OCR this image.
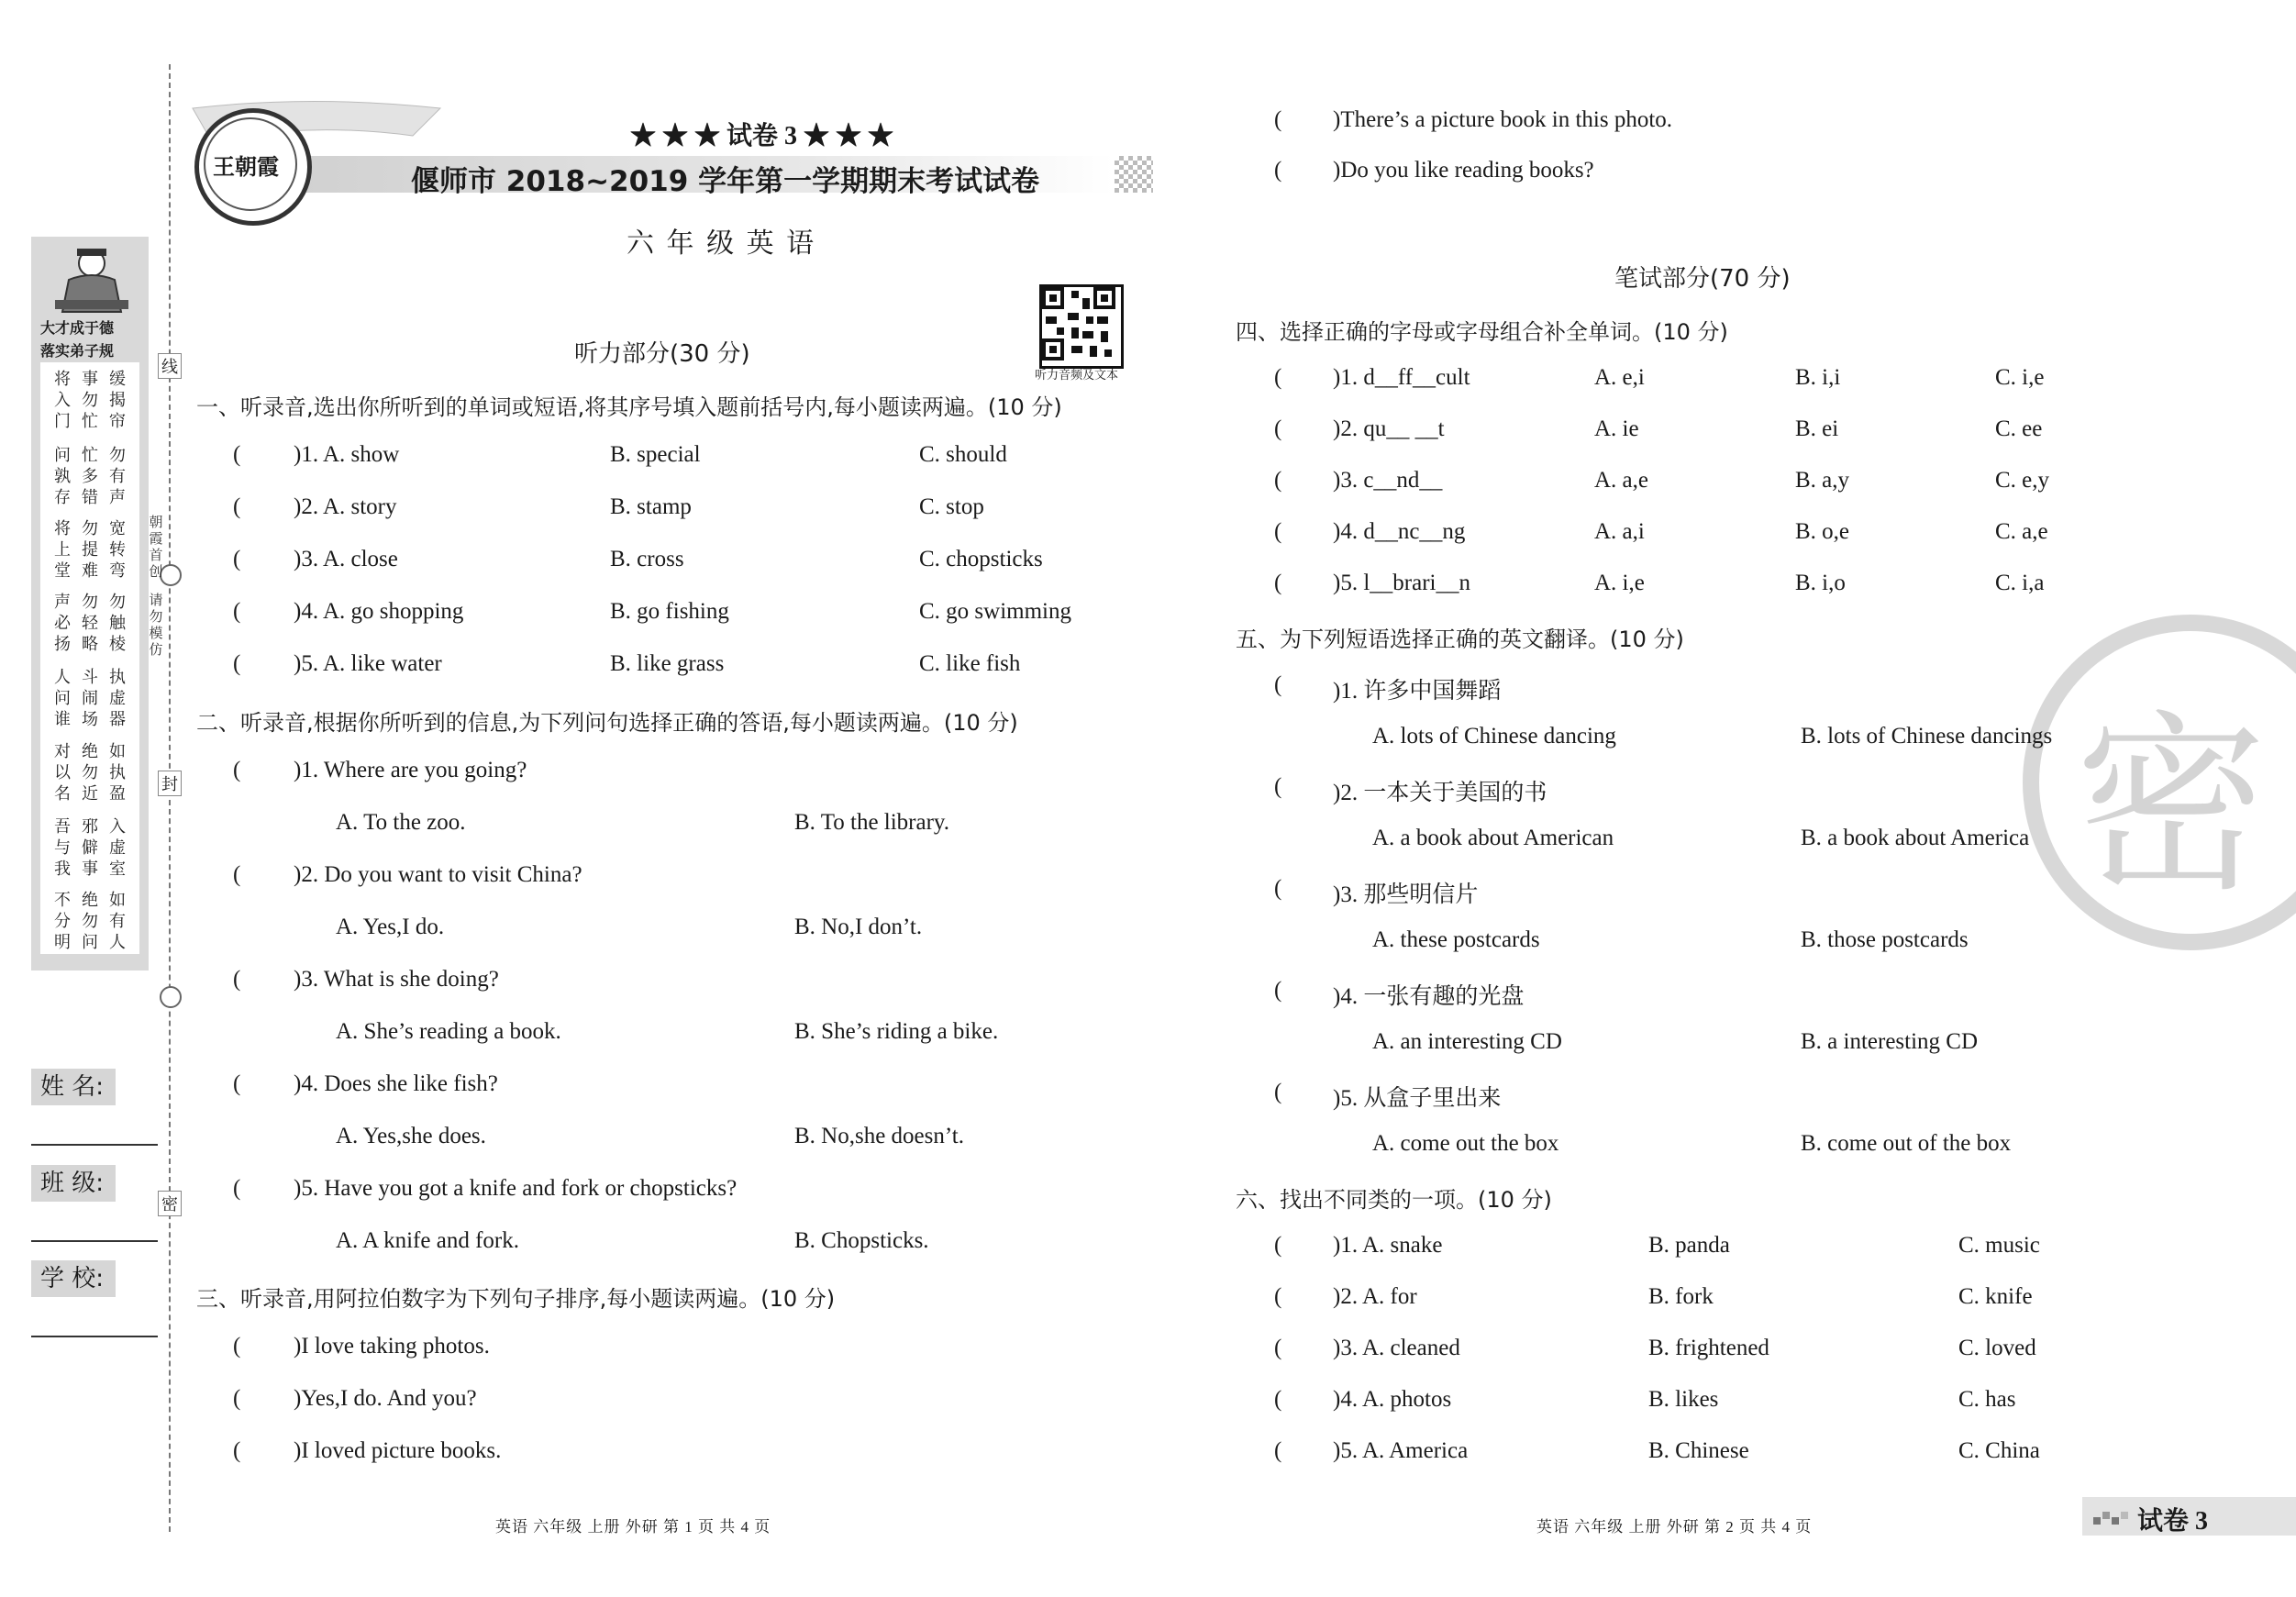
线
封
密
朝
霞
首
创
请
勿
模
仿
大才成于德
落实弟子规
将
入
门
事
勿
忙
缓
揭
帘
问
孰
存
忙
多
错
勿
有
声
将
上
堂
勿
提
难
宽
转
弯
声
必
扬
勿
轻
略
勿
触
棱
人
问
谁
斗
闹
场
执
虚
器
对
以
名
绝
勿
近
如
执
盈
吾
与
我
邪
僻
事
入
虚
室
不
分
明
绝
勿
问
如
有
人
姓 名:
班 级:
学 校:
王朝霞
★ ★ ★ 试卷 3 ★ ★ ★
偃师市 2018~2019 学年第一学期期末考试试卷
六 年 级 英 语
听力音频及文本
听力部分(30 分)
一、听录音,选出你所听到的单词或短语,将其序号填入题前括号内,每小题读两遍。(10 分)
( )1. A. show	B. special	C. should
( )2. A. story	B. stamp	C. stop
( )3. A. close	B. cross	C. chopsticks
( )4. A. go shopping	B. go fishing	C. go swimming
( )5. A. like water	B. like grass	C. like fish
二、听录音,根据你所听到的信息,为下列问句选择正确的答语,每小题读两遍。(10 分)
( )1. Where are you going?
A. To the zoo.	B. To the library.
( )2. Do you want to visit China?
A. Yes,I do.	B. No,I don’t.
( )3. What is she doing?
A. She’s reading a book.	B. She’s riding a bike.
( )4. Does she like fish?
A. Yes,she does.	B. No,she doesn’t.
( )5. Have you got a knife and fork or chopsticks?
A. A knife and fork.	B. Chopsticks.
三、听录音,用阿拉伯数字为下列句子排序,每小题读两遍。(10 分)
( )I love taking photos.
( )Yes,I do. And you?
( )I loved picture books.
英语 六年级 上册 外研 第 1 页 共 4 页
( )There’s a picture book in this photo.
( )Do you like reading books?
笔试部分(70 分)
密
四、选择正确的字母或字母组合补全单词。(10 分)
( )1. d__ff__cult	A. e,i	B. i,i	C. i,e
( )2. qu__ __t	A. ie	B. ei	C. ee
( )3. c__nd__	A. a,e	B. a,y	C. e,y
( )4. d__nc__ng	A. a,i	B. o,e	C. a,e
( )5. l__brari__n	A. i,e	B. i,o	C. i,a
五、为下列短语选择正确的英文翻译。(10 分)
( )1. 许多中国舞蹈
A. lots of Chinese dancing	B. lots of Chinese dancings
( )2. 一本关于美国的书
A. a book about American	B. a book about America
( )3. 那些明信片
A. these postcards	B. those postcards
( )4. 一张有趣的光盘
A. an interesting CD	B. a interesting CD
( )5. 从盒子里出来
A. come out the box	B. come out of the box
六、找出不同类的一项。(10 分)
( )1. A. snake	B. panda	C. music
( )2. A. for	B. fork	C. knife
( )3. A. cleaned	B. frightened	C. loved
( )4. A. photos	B. likes	C. has
( )5. A. America	B. Chinese	C. China
英语 六年级 上册 外研 第 2 页 共 4 页	试卷 3
